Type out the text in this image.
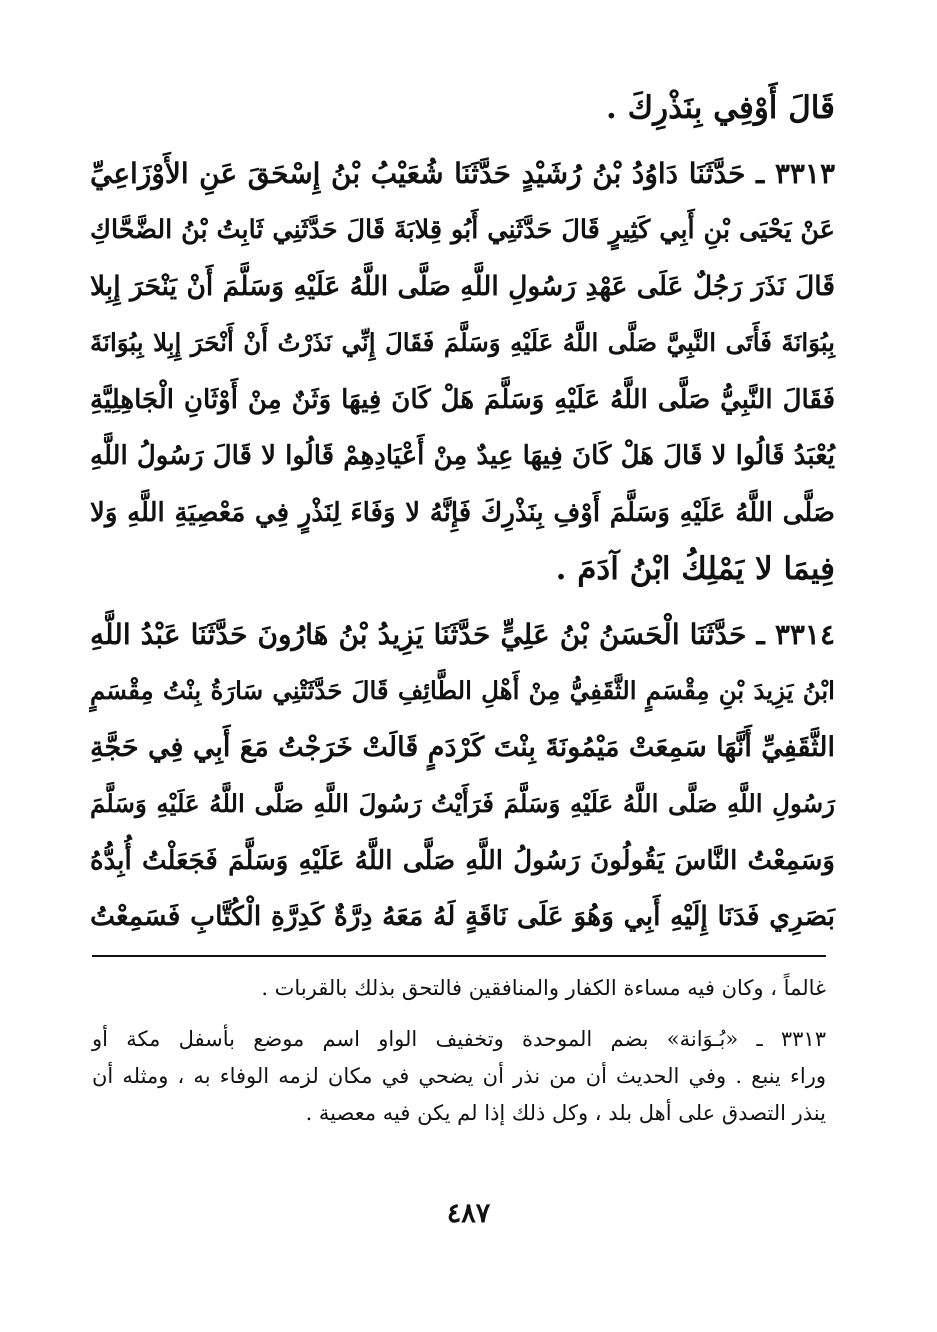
قَالَ أَوْفِي بِنَذْرِكَ .
٣٣١٣ ـ حَدَّثَنَا دَاوُدُ بْنُ رُشَيْدٍ حَدَّثَنَا شُعَيْبُ بْنُ إِسْحَقَ عَنِ الأَوْزَاعِيِّ
عَنْ يَحْيَى بْنِ أَبِي كَثِيرٍ قَالَ حَدَّثَنِي أَبُو قِلابَةَ قَالَ حَدَّثَنِي ثَابِتُ بْنُ الضَّحَّاكِ
قَالَ نَذَرَ رَجُلٌ عَلَى عَهْدِ رَسُولِ اللَّهِ صَلَّى اللَّهُ عَلَيْهِ وَسَلَّمَ أَنْ يَنْحَرَ إِبِلا
بِبُوَانَةَ فَأَتَى النَّبِيَّ صَلَّى اللَّهُ عَلَيْهِ وَسَلَّمَ فَقَالَ إِنِّي نَذَرْتُ أَنْ أَنْحَرَ إِبِلا بِبُوَانَةَ
فَقَالَ النَّبِيُّ صَلَّى اللَّهُ عَلَيْهِ وَسَلَّمَ هَلْ كَانَ فِيهَا وَثَنٌ مِنْ أَوْثَانِ الْجَاهِلِيَّةِ
يُعْبَدُ قَالُوا لا قَالَ هَلْ كَانَ فِيهَا عِيدٌ مِنْ أَعْيَادِهِمْ قَالُوا لا قَالَ رَسُولُ اللَّهِ
صَلَّى اللَّهُ عَلَيْهِ وَسَلَّمَ أَوْفِ بِنَذْرِكَ فَإِنَّهُ لا وَفَاءَ لِنَذْرٍ فِي مَعْصِيَةِ اللَّهِ وَلا
فِيمَا لا يَمْلِكُ ابْنُ آدَمَ .
٣٣١٤ ـ حَدَّثَنَا الْحَسَنُ بْنُ عَلِيٍّ حَدَّثَنَا يَزِيدُ بْنُ هَارُونَ حَدَّثَنَا عَبْدُ اللَّهِ
ابْنُ يَزِيدَ بْنِ مِقْسَمٍ الثَّقَفِيُّ مِنْ أَهْلِ الطَّائِفِ قَالَ حَدَّثَتْنِي سَارَةُ بِنْتُ مِقْسَمٍ
الثَّقَفِيِّ أَنَّهَا سَمِعَتْ مَيْمُونَةَ بِنْتَ كَرْدَمٍ قَالَتْ خَرَجْتُ مَعَ أَبِي فِي حَجَّةِ
رَسُولِ اللَّهِ صَلَّى اللَّهُ عَلَيْهِ وَسَلَّمَ فَرَأَيْتُ رَسُولَ اللَّهِ صَلَّى اللَّهُ عَلَيْهِ وَسَلَّمَ
وَسَمِعْتُ النَّاسَ يَقُولُونَ رَسُولُ اللَّهِ صَلَّى اللَّهُ عَلَيْهِ وَسَلَّمَ فَجَعَلْتُ أُبِدُّهُ
بَصَرِي فَدَنَا إِلَيْهِ أَبِي وَهُوَ عَلَى نَاقَةٍ لَهُ مَعَهُ دِرَّةٌ كَدِرَّةِ الْكُتَّابِ فَسَمِعْتُ
غالماً ، وكان فيه مساءة الكفار والمنافقين فالتحق بذلك بالقربات .
٣٣١٣ ـ «بُـوَانة» بضم الموحدة وتخفيف الواو اسم موضع بأسفل مكة أو
وراء ينبع . وفي الحديث أن من نذر أن يضحي في مكان لزمه الوفاء به ، ومثله أن
ينذر التصدق على أهل بلد ، وكل ذلك إذا لم يكن فيه معصية .
٤٨٧
